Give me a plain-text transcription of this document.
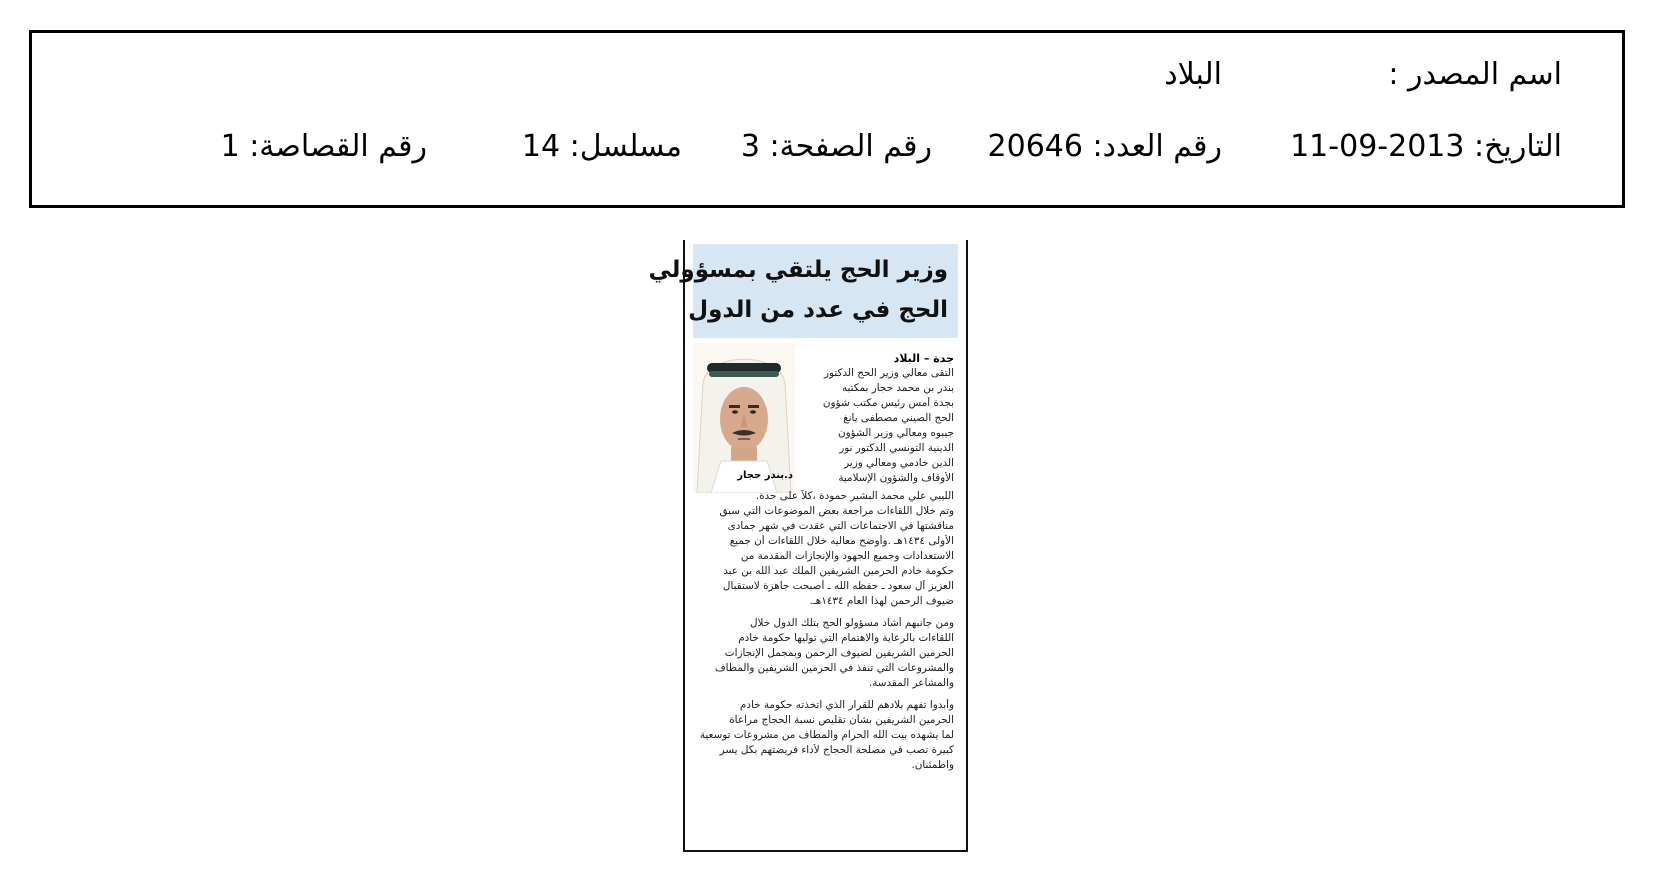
اسم المصدر :
البلاد
التاريخ: 2013-09-11
رقم العدد: 20646
رقم الصفحة: 3
مسلسل: 14
رقم القصاصة: 1
وزير الحج يلتقي بمسؤولي
الحج في عدد من الدول
د.بندر حجار
جدة – البلاد
التقى معالي وزير الحج الدكتور
بندر بن محمد حجار بمكتبه
بجدة أمس رئيس مكتب شؤون
الحج الصيني مصطفى يانغ
جيبوه ومعالي وزير الشؤون
الدينية التونسي الدكتور نور
الدين خادمي ومعالي وزير
الأوقاف والشؤون الإسلامية
الليبي علي محمد البشير حمودة ،كلاً على حدة.
وتم خلال اللقاءات مراجعة بعض الموضوعات التي سبق
مناقشتها في الاجتماعات التي عقدت في شهر جمادى
الأولى ١٤٣٤هـ .وأوضح معاليه خلال اللقاءات أن جميع
الاستعدادات وجميع الجهود والإنجازات المقدمة من
حكومة خادم الحرمين الشريفين الملك عبد الله بن عبد
العزيز آل سعود ـ حفظه الله ـ أصبحت جاهزة لاستقبال
ضيوف الرحمن لهذا العام ١٤٣٤هـ.
ومن جانبهم أشاد مسؤولو الحج بتلك الدول خلال
اللقاءات بالرعاية والاهتمام التي توليها حكومة خادم
الحرمين الشريفين لضيوف الرحمن وبمجمل الإنجازات
والمشروعات التي تنفذ في الحرمين الشريفين والمطاف
والمشاعر المقدسة.
وأبدوا تفهم بلادهم للقرار الذي اتخذته حكومة خادم
الحرمين الشريفين بشأن تقليص نسبة الحجاج مراعاة
لما يشهده بيت الله الحرام والمطاف من مشروعات توسعية
كبيرة تصب في مصلحة الحجاج لأداء فريضتهم بكل يسر
واطمئنان.
